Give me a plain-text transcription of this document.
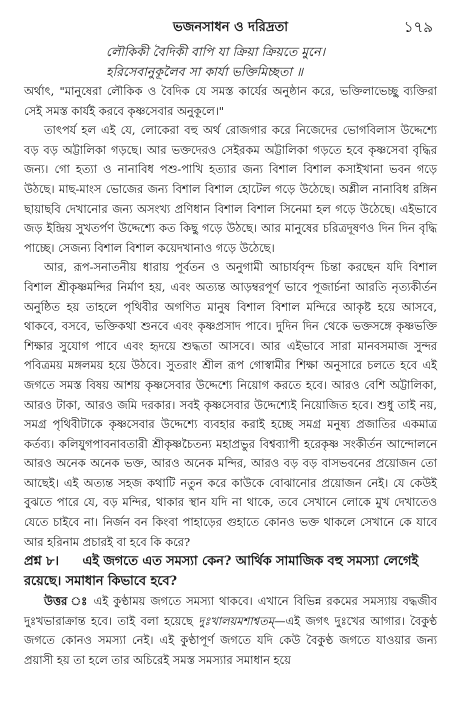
ভজনসাধন ও দরিদ্রতা	১৭৯
লৌকিকী বৈদিকী বাপি যা ক্রিয়া ক্রিয়তে মুনে।
হরিসেবানুকূলৈব সা কার্যা ভক্তিমিচ্ছতা ॥

অর্থাৎ, "মানুষেরা লৌকিক ও বৈদিক যে সমস্ত কার্যের অনুষ্ঠান করে, ভক্তিলাভেচ্ছু ব্যক্তিরা সেই সমস্ত কার্যই করবে কৃষ্ণসেবার অনুকূলে।"

তাৎপর্য হল এই যে, লোকেরা বহু অর্থ রোজগার করে নিজেদের ভোগবিলাস উদ্দেশ্যে বড় বড় অট্টালিকা গড়ছে। আর ভক্তদেরও সেইরকম অট্টালিকা গড়তে হবে কৃষ্ণসেবা বৃদ্ধির জন্য। গো হত্যা ও নানাবিধ পশু-পাখি হত্যার জন্য বিশাল বিশাল কসাইখানা ভবন গড়ে উঠছে। মাছ-মাংস ভোজের জন্য বিশাল বিশাল হোটেল গড়ে উঠেছে। অশ্লীল নানাবিধ রঙ্গিন ছায়াছবি দেখানোর জন্য অসংখ্য প্রণিধান বিশাল বিশাল সিনেমা হল গড়ে উঠেছে। এইভাবে জড় ইন্দ্রিয় সুখতর্পণ উদ্দেশ্যে কত কিছু গড়ে উঠছে। আর মানুষের চরিত্রদূষণও দিন দিন বৃদ্ধি পাচ্ছে। সেজন্য বিশাল বিশাল কয়েদখানাও গড়ে উঠেছে।

আর, রূপ-সনাতনীয় ধারায় পূর্বতন ও অনুগামী আচার্যবৃন্দ চিন্তা করছেন যদি বিশাল বিশাল শ্রীকৃষ্ণমন্দির নির্মাণ হয়, এবং অত্যন্ত আড়ম্বরপূর্ণ ভাবে পূজার্চনা আরতি নৃত্যকীর্তন অনুষ্ঠিত হয় তাহলে পৃথিবীর অগণিত মানুষ বিশাল বিশাল মন্দিরে আকৃষ্ট হয়ে আসবে, থাকবে, বসবে, ভক্তিকথা শুনবে এবং কৃষ্ণপ্রসাদ পাবে। দুদিন দিন থেকে ভক্তসঙ্গে কৃষ্ণভক্তি শিক্ষার সুযোগ পাবে এবং হৃদয়ে শুদ্ধতা আসবে। আর এইভাবে সারা মানবসমাজ সুন্দর পবিত্রময় মঙ্গলময় হয়ে উঠবে। সুতরাং শ্রীল রূপ গোস্বামীর শিক্ষা অনুসারে চলতে হবে এই জগতে সমস্ত বিষয় আশয় কৃষ্ণসেবার উদ্দেশ্যে নিয়োগ করতে হবে। আরও বেশি অট্টালিকা, আরও টাকা, আরও জমি দরকার। সবই কৃষ্ণসেবার উদ্দেশ্যেই নিয়োজিত হবে। শুধু তাই নয়, সমগ্র পৃথিবীটাকে কৃষ্ণসেবার উদ্দেশ্যে ব্যবহার করাই হচ্ছে সমগ্র মনুষ্য প্রজাতির একমাত্র কর্তব্য। কলিযুগপাবনাবতারী শ্রীকৃষ্ণচৈতন্য মহাপ্রভুর বিশ্বব্যাপী হরেকৃষ্ণ সংকীর্তন আন্দোলনে আরও অনেক অনেক ভক্ত, আরও অনেক মন্দির, আরও বড় বড় বাসভবনের প্রয়োজন তো আছেই। এই অত্যন্ত সহজ কথাটি নতুন করে কাউকে বোঝানোর প্রয়োজন নেই। যে কেউই বুঝতে পারে যে, বড় মন্দির, থাকার স্থান যদি না থাকে, তবে সেখানে লোকে মুখ দেখাতেও যেতে চাইবে না। নির্জন বন কিংবা পাহাড়ের গুহাতে কোনও ভক্ত থাকলে সেখানে কে যাবে আর হরিনাম প্রচারই বা হবে কি করে?

প্রশ্ন ৮। এই জগতে এত সমস্যা কেন? আর্থিক সামাজিক বহু সমস্যা লেগেই রয়েছে। সমাধান কিভাবে হবে?

উত্তর ঃ এই কুণ্ঠাময় জগতে সমস্যা থাকবে। এখানে বিভিন্ন রকমের সমস্যায় বদ্ধজীব দুঃখভারাক্রান্ত হবে। তাই বলা হয়েছে দুঃখালয়মশাশ্বতম্—এই জগৎ দুঃখের আগার। বৈকুণ্ঠ জগতে কোনও সমস্যা নেই। এই কুণ্ঠাপূর্ণ জগতে যদি কেউ বৈকুণ্ঠ জগতে যাওয়ার জন্য প্রয়াসী হয় তা হলে তার অচিরেই সমস্ত সমস্যার সমাধান হয়ে
